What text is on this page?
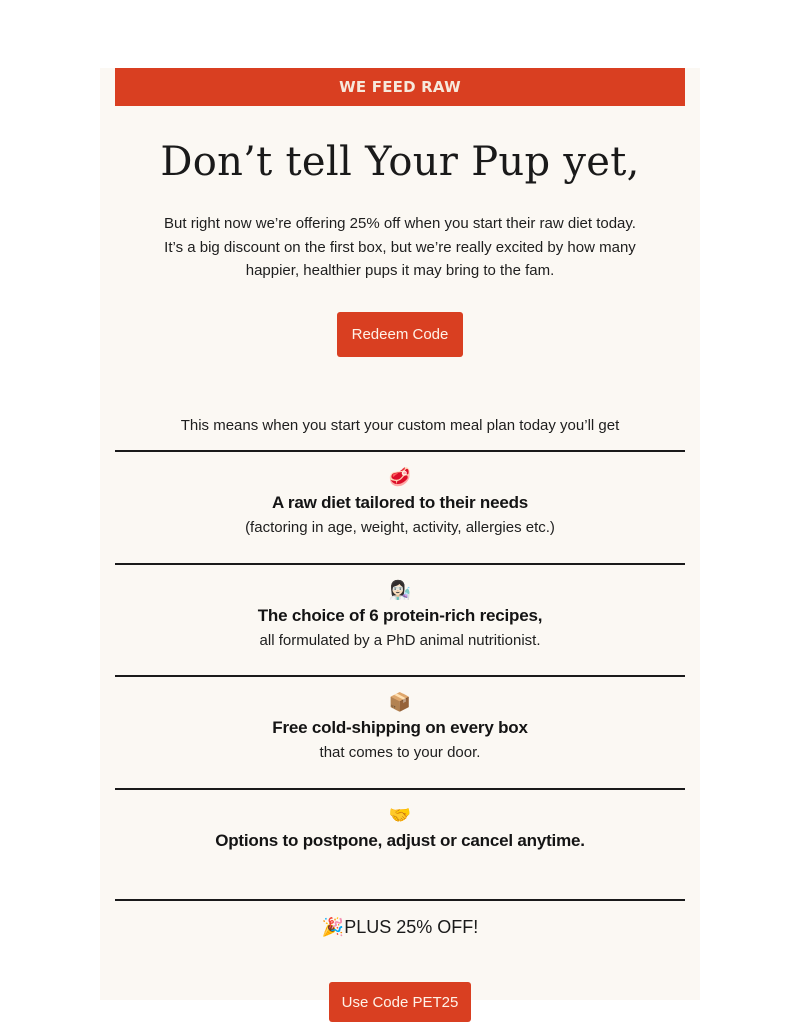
WE FEED RAW
Don’t tell Your Pup yet,

But right now we’re offering 25% off when you start their raw diet today.
It’s a big discount on the first box, but we’re really excited by how many
happier, healthier pups it may bring to the fam.

Redeem Code

This means when you start your custom meal plan today you’ll get

🥩
A raw diet tailored to their needs
(factoring in age, weight, activity, allergies etc.)
👩🏻‍🔬
The choice of 6 protein-rich recipes,
all formulated by a PhD animal nutritionist.
📦
Free cold-shipping on every box
that comes to your door.
🤝
Options to postpone, adjust or cancel anytime.
🎉PLUS 25% OFF!
Use Code PET25
